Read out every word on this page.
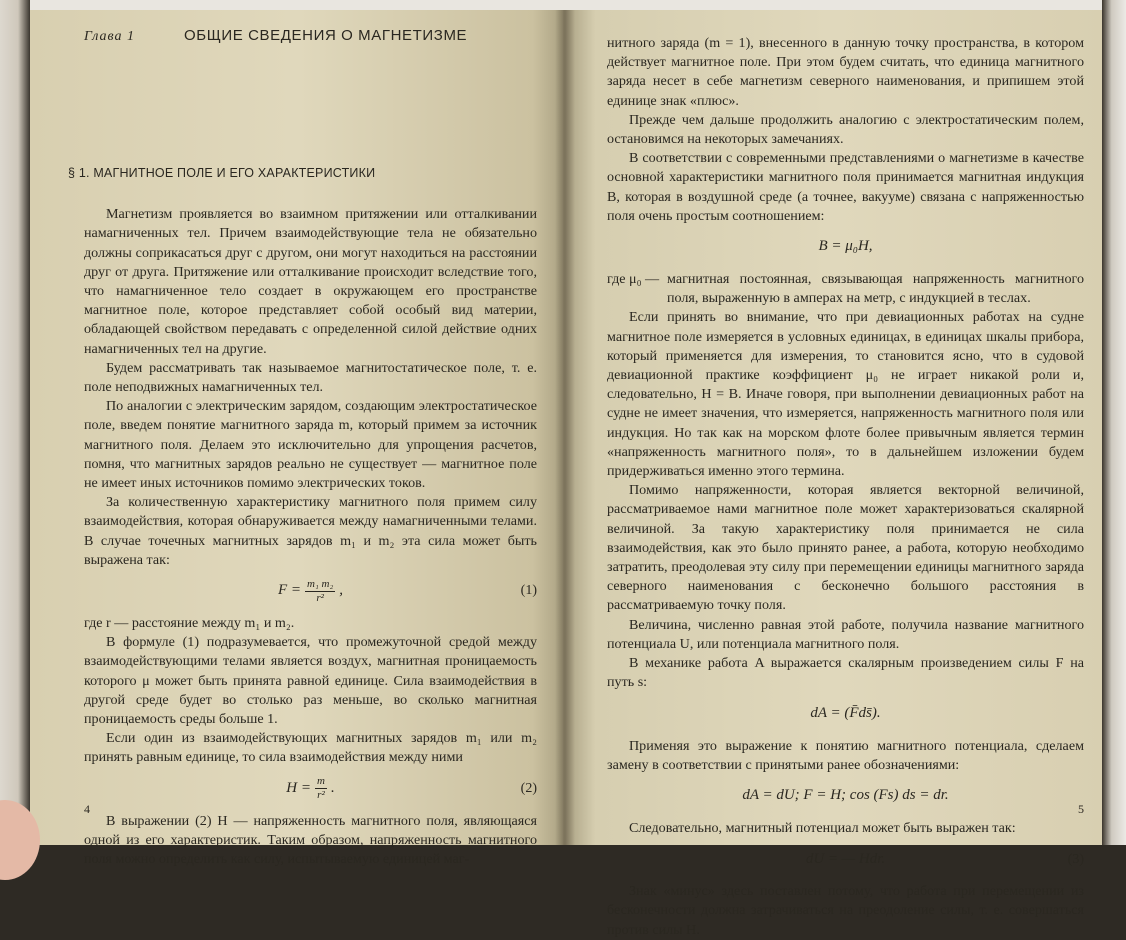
Глава 1	ОБЩИЕ СВЕДЕНИЯ О МАГНЕТИЗМЕ
§ 1. МАГНИТНОЕ ПОЛЕ И ЕГО ХАРАКТЕРИСТИКИ

Магнетизм проявляется во взаимном притяжении или отталкивании намагниченных тел. Причем взаимодействующие тела не обязательно должны соприкасаться друг с другом, они могут находиться на расстоянии друг от друга. Притяжение или отталкивание происходит вследствие того, что намагниченное тело создает в окружающем его пространстве магнитное поле, которое представляет собой особый вид материи, обладающей свойством передавать с определенной силой действие одних намагниченных тел на другие.

Будем рассматривать так называемое магнитостатическое поле, т. е. поле неподвижных намагниченных тел.

По аналогии с электрическим зарядом, создающим электростатическое поле, введем понятие магнитного заряда m, который примем за источник магнитного поля. Делаем это исключительно для упрощения расчетов, помня, что магнитных зарядов реально не существует — магнитное поле не имеет иных источников помимо электрических токов.

За количественную характеристику магнитного поля примем силу взаимодействия, которая обнаруживается между намагниченными телами. В случае точечных магнитных зарядов m₁ и m₂ эта сила может быть выражена так:

$F = \frac{\text{m₁ m₂}}{\text{r²}}$ ,	(1)

где r — расстояние между m₁ и m₂.

В формуле (1) подразумевается, что промежуточной средой между взаимодействующими телами является воздух, магнитная проницаемость которого μ может быть принята равной единице. Сила взаимодействия в другой среде будет во столько раз меньше, во сколько магнитная проницаемость среды больше 1.

Если один из взаимодействующих магнитных зарядов m₁ или m₂ принять равным единице, то сила взаимодействия между ними

$H = \frac{m}{\text{r²}}$ .	(2)

В выражении (2) H — напряженность магнитного поля, являющаяся одной из его характеристик. Таким образом, напряженность магнитного поля можно определить как силу, испытываемую единицей маг-

4

нитного заряда (m = 1), внесенного в данную точку пространства, в котором действует магнитное поле. При этом будем считать, что единица магнитного заряда несет в себе магнетизм северного наименования, и припишем этой единице знак «плюс».

Прежде чем дальше продолжить аналогию с электростатическим полем, остановимся на некоторых замечаниях.

В соответствии с современными представлениями о магнетизме в качестве основной характеристики магнитного поля принимается магнитная индукция B, которая в воздушной среде (а точнее, вакууме) связана с напряженностью поля очень простым соотношением:

B = μ₀H,
где μ₀ — магнитная постоянная, связывающая напряженность магнитного поля, выраженную в амперах на метр, с индукцией в теслах.

Если принять во внимание, что при девиационных работах на судне магнитное поле измеряется в условных единицах, в единицах шкалы прибора, который применяется для измерения, то становится ясно, что в судовой девиационной практике коэффициент μ₀ не играет никакой роли и, следовательно, H = B. Иначе говоря, при выполнении девиационных работ на судне не имеет значения, что измеряется, напряженность магнитного поля или индукция. Но так как на морском флоте более привычным является термин «напряженность магнитного поля», то в дальнейшем изложении будем придерживаться именно этого термина.

Помимо напряженности, которая является векторной величиной, рассматриваемое нами магнитное поле может характеризоваться скалярной величиной. За такую характеристику поля принимается не сила взаимодействия, как это было принято ранее, а работа, которую необходимо затратить, преодолевая эту силу при перемещении единицы магнитного заряда северного наименования с бесконечно большого расстояния в рассматриваемую точку поля.

Величина, численно равная этой работе, получила название магнитного потенциала U, или потенциала магнитного поля.

В механике работа A выражается скалярным произведением силы F на путь s:

dA = (F̄ds̄).

Применяя это выражение к понятию магнитного потенциала, сделаем замену в соответствии с принятыми ранее обозначениями:

dA = dU; F = H; cos (Fs) ds = dr.

Следовательно, магнитный потенциал может быть выражен так:

dU = — Hdr.	(3)

Знак «минус» здесь поставлен потому, что работа при перемещении из бесконечности должна затрачиваться на преодоление силы, т. е. совершаться против силы H.

5
